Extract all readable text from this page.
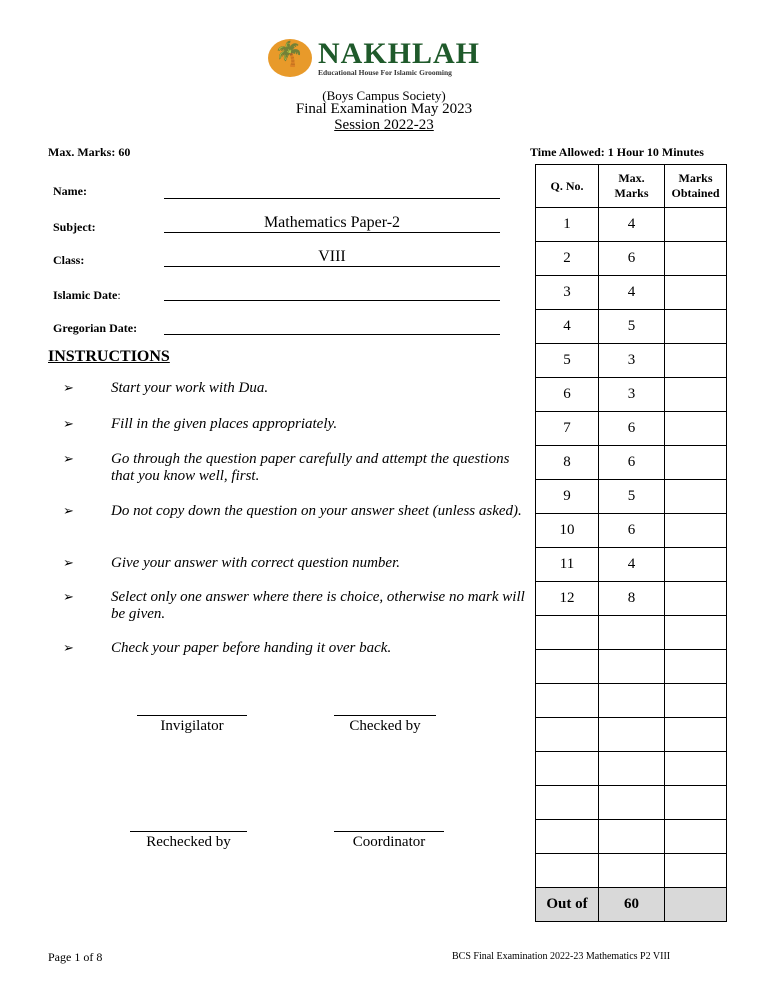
🌴 NAKHLAH
Educational House For Islamic Grooming
(Boys Campus Society)
Final Examination May 2023
Session 2022-23
Max. Marks: 60	Time Allowed: 1 Hour 10 Minutes
Name:
Subject:	Mathematics Paper-2
Class:	VIII
Islamic Date:
Gregorian Date:
INSTRUCTIONS
➢ Start your work with Dua.
➢ Fill in the given places appropriately.
➢ Go through the question paper carefully and attempt the questions that you know well, first.
➢ Do not copy down the question on your answer sheet (unless asked).
➢ Give your answer with correct question number.
➢ Select only one answer where there is choice, otherwise no mark will be given.
➢ Check your paper before handing it over back.
Invigilator	Checked by
Rechecked by	Coordinator
Q. No.	Max. Marks	Marks Obtained
1	4	
2	6	
3	4	
4	5	
5	3	
6	3	
7	6	
8	6	
9	5	
10	6	
11	4	
12	8	

Out of	60	
Page 1 of 8	BCS Final Examination 2022-23 Mathematics P2 VIII
